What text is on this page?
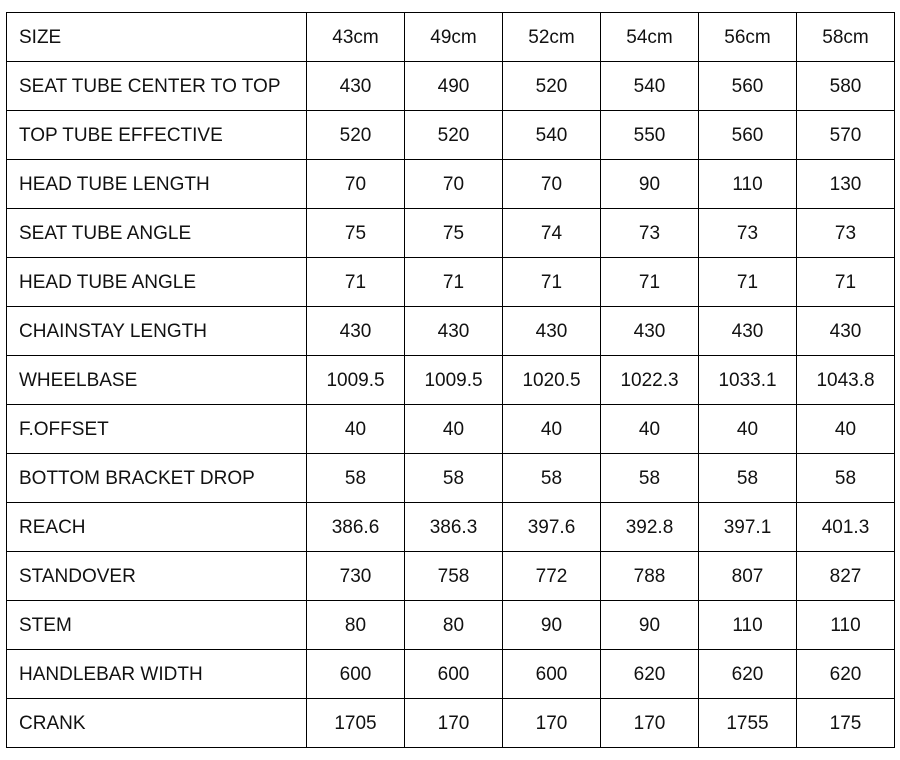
SIZE	43cm	49cm	52cm	54cm	56cm	58cm
SEAT TUBE CENTER TO TOP	430	490	520	540	560	580
TOP TUBE EFFECTIVE	520	520	540	550	560	570
HEAD TUBE LENGTH	70	70	70	90	110	130
SEAT TUBE ANGLE	75	75	74	73	73	73
HEAD TUBE ANGLE	71	71	71	71	71	71
CHAINSTAY LENGTH	430	430	430	430	430	430
WHEELBASE	1009.5	1009.5	1020.5	1022.3	1033.1	1043.8
F.OFFSET	40	40	40	40	40	40
BOTTOM BRACKET DROP	58	58	58	58	58	58
REACH	386.6	386.3	397.6	392.8	397.1	401.3
STANDOVER	730	758	772	788	807	827
STEM	80	80	90	90	110	110
HANDLEBAR WIDTH	600	600	600	620	620	620
CRANK	1705	170	170	170	1755	175
